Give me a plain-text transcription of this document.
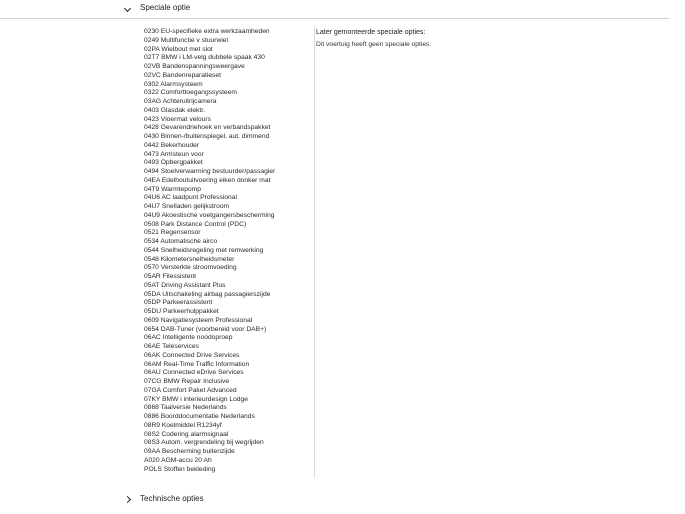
Speciale optie
0230 EU-specifieke extra werkzaamheden
0249 Multifunctie v stuurwiel
02PA Wielbout met slot
02T7 BMW i LM-velg dubbele spaak 430
02VB Bandenspanningsweergave
02VC Bandenreparatieset
0302 Alarmsysteem
0322 Comforttoegangssysteem
03AG Achteruitrijcamera
0403 Glasdak elektr.
0423 Vloermat velours
0428 Gevarendriehoek en verbandspakket
0430 Binnen-/buitenspiegel, aut. dimmend
0442 Bekerhouder
0473 Armsteun voor
0493 Opbergpakket
0494 Stoelverwarming bestuurder/passagier
04EA Edelhoutuitvoering eiken donker mat
04T9 Warmtepomp
04U6 AC laadpunt Professional
04U7 Snelladen gelijkstroom
04U9 Akoestische voetgangersbescherming
0508 Park Distance Control (PDC)
0521 Regensensor
0534 Automatische airco
0544 Snelheidsregeling met remwerking
0548 Kilometersnelheidsmeter
0570 Versterkte stroomvoeding
05AR Filessistent
05AT Driving Assistant Plus
05DA Uitschakeling airbag passagierszijde
05DP Parkeerassistent
05DU Parkeerhulppakket
0609 Navigatiesysteem Professional
0654 DAB-Tuner (voorbereid voor DAB+)
06AC Intelligente noodoproep
06AE Teleservices
06AK Connected Drive Services
06AM Real-Time Traffic Information
06AU Connected eDrive Services
07CG BMW Repair Inclusive
07GA Comfort Paket Advanced
07KY BMW i interieurdesign Lodge
0868 Taalversie Nederlands
0886 Boorddocumentatie Nederlands
08R9 Koelmiddel R1234yf
08S2 Codering alarmsignaal
08S3 Autom. vergrendeling bij wegrijden
09AA Bescherming buitenzijde
A020 AGM-accu 20 Ah
POLS Stoffen bekleding
Later gemonteerde speciale opties:
Dit voertuig heeft geen speciale opties.
Technische opties
